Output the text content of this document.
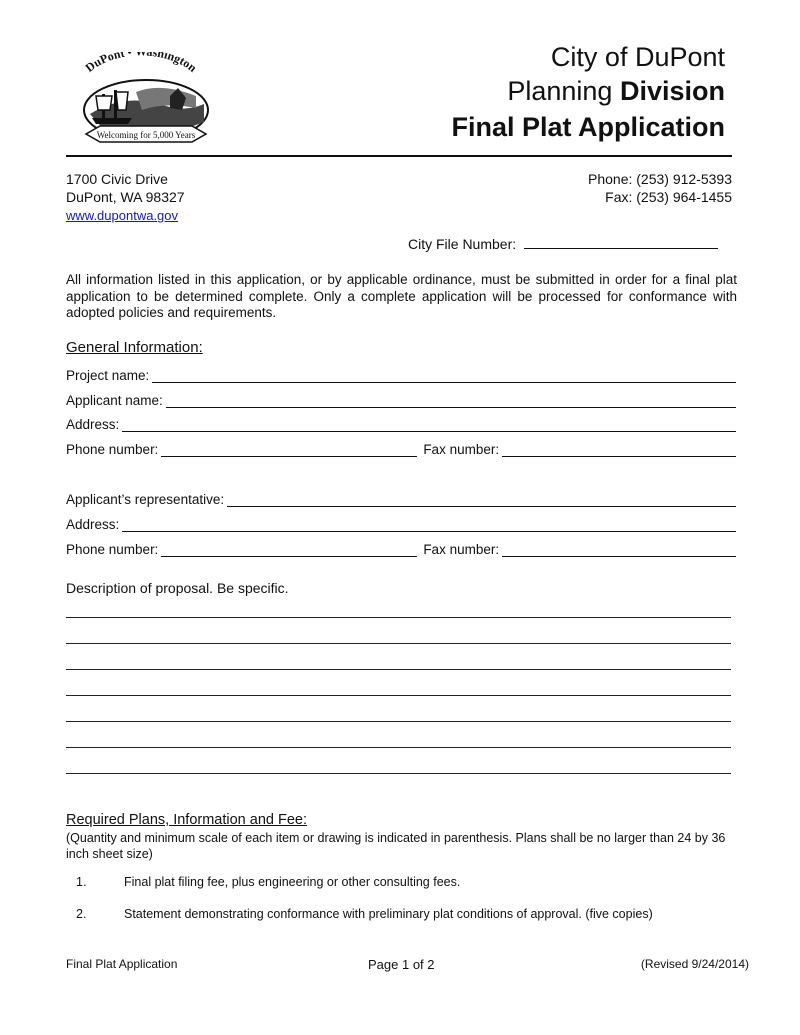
DuPont shington
Welcoming for 5,000 Years
City of DuPont
Planning Division
Final Plat Application
1700 Civic Drive
DuPont, WA 98327
www.dupontwa.gov
Phone: (253) 912-5393
Fax: (253) 964-1455
City File Number:
All information listed in this application, or by applicable ordinance, must be submitted in order for a final plat application to be determined complete. Only a complete application will be processed for conformance with adopted policies and requirements.
General Information:
Project name:
Applicant name:
Address:
Phone number:	Fax number:
Applicant’s representative:
Address:
Phone number:	Fax number:
Description of proposal. Be specific.
Required Plans, Information and Fee:
(Quantity and minimum scale of each item or drawing is indicated in parenthesis. Plans shall be no larger than 24 by 36 inch sheet size)
1.	Final plat filing fee, plus engineering or other consulting fees.
2.	Statement demonstrating conformance with preliminary plat conditions of approval. (five copies)
Final Plat Application	Page 1 of 2	(Revised 9/24/2014)
